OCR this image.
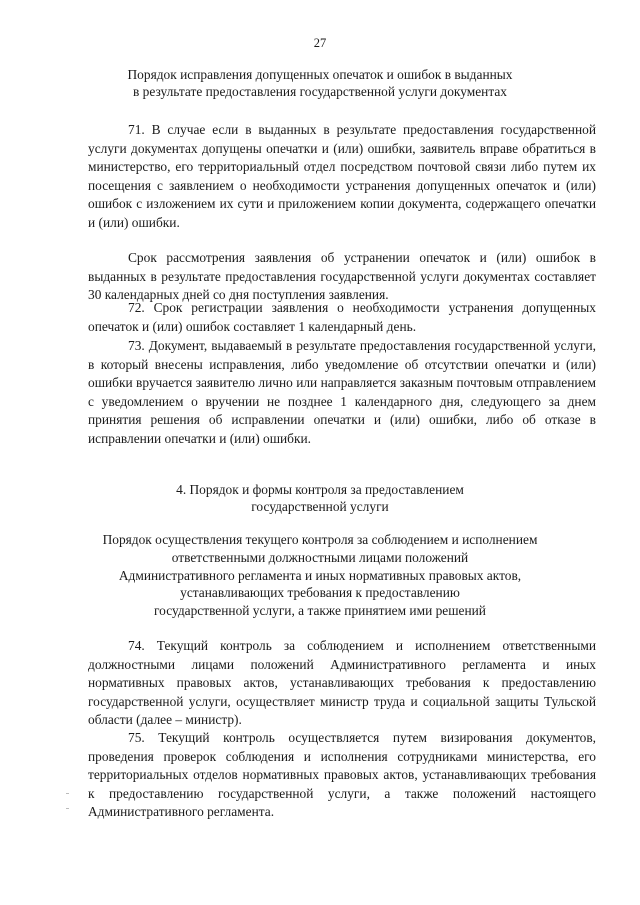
27
Порядок исправления допущенных опечаток и ошибок в выданных
в результате предоставления государственной услуги документах
71. В случае если в выданных в результате предоставления государственной услуги документах допущены опечатки и (или) ошибки, заявитель вправе обратиться в министерство, его территориальный отдел посредством почтовой связи либо путем их посещения с заявлением о необходимости устранения допущенных опечаток и (или) ошибок с изложением их сути и приложением копии документа, содержащего опечатки и (или) ошибки.
Срок рассмотрения заявления об устранении опечаток и (или) ошибок в выданных в результате предоставления государственной услуги документах составляет 30 календарных дней со дня поступления заявления.
72. Срок регистрации заявления о необходимости устранения допущенных опечаток и (или) ошибок составляет 1 календарный день.
73. Документ, выдаваемый в результате предоставления государственной услуги, в который внесены исправления, либо уведомление об отсутствии опечатки и (или) ошибки вручается заявителю лично или направляется заказным почтовым отправлением с уведомлением о вручении не позднее 1 календарного дня, следующего за днем принятия решения об исправлении опечатки и (или) ошибки, либо об отказе в исправлении опечатки и (или) ошибки.
4. Порядок и формы контроля за предоставлением
государственной услуги
Порядок осуществления текущего контроля за соблюдением и исполнением
ответственными должностными лицами положений
Административного регламента и иных нормативных правовых актов,
устанавливающих требования к предоставлению
государственной услуги, а также принятием ими решений
74. Текущий контроль за соблюдением и исполнением ответственными должностными лицами положений Административного регламента и иных нормативных правовых актов, устанавливающих требования к предоставлению государственной услуги, осуществляет министр труда и социальной защиты Тульской области (далее – министр).
75. Текущий контроль осуществляется путем визирования документов, проведения проверок соблюдения и исполнения сотрудниками министерства, его территориальных отделов нормативных правовых актов, устанавливающих требования к предоставлению государственной услуги, а также положений настоящего Административного регламента.
